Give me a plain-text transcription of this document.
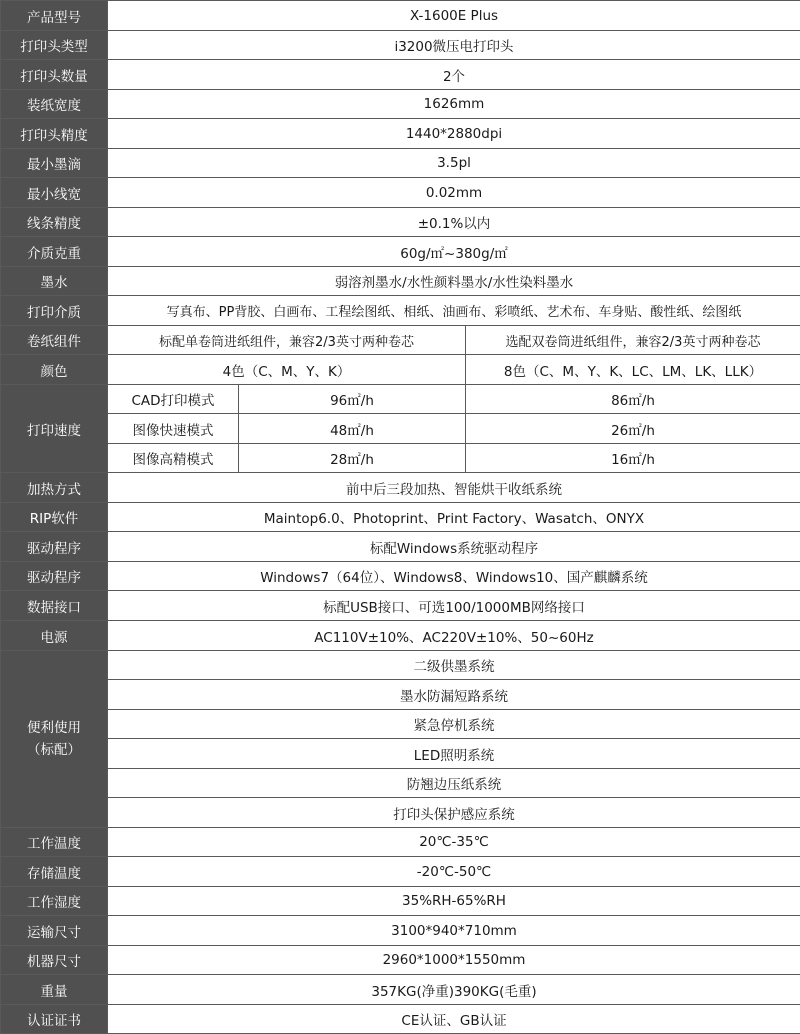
产品型号	X-1600E Plus		
打印头类型	i3200微压电打印头		
打印头数量	2个		
装纸宽度	1626mm		
打印头精度	1440*2880dpi		
最小墨滴	3.5pl		
最小线宽	0.02mm		
线条精度	±0.1%以内		
介质克重	60g/㎡~380g/㎡		
墨水	弱溶剂墨水/水性颜料墨水/水性染料墨水		
打印介质	写真布、PP背胶、白画布、工程绘图纸、相纸、油画布、彩喷纸、艺术布、车身贴、酸性纸、绘图纸		
卷纸组件	标配单卷筒进纸组件，兼容2/3英寸两种卷芯		选配双卷筒进纸组件，兼容2/3英寸两种卷芯
颜色	4色（C、M、Y、K）		8色（C、M、Y、K、LC、LM、LK、LLK）
打印速度	CAD打印模式	96㎡/h	86㎡/h
	图像快速模式	48㎡/h	26㎡/h
	图像高精模式	28㎡/h	16㎡/h
加热方式	前中后三段加热、智能烘干收纸系统		
RIP软件	Maintop6.0、Photoprint、Print Factory、Wasatch、ONYX		
驱动程序	标配Windows系统驱动程序		
驱动程序	Windows7（64位）、Windows8、Windows10、国产麒麟系统		
数据接口	标配USB接口、可选100/1000MB网络接口		
电源	AC110V±10%、AC220V±10%、50~60Hz		
便利使用
（标配）	二级供墨系统		
	墨水防漏短路系统		
	紧急停机系统		
	LED照明系统		
	防翘边压纸系统		
	打印头保护感应系统		
工作温度	20℃-35℃		
存储温度	-20℃-50℃		
工作湿度	35%RH-65%RH		
运输尺寸	3100*940*710mm		
机器尺寸	2960*1000*1550mm		
重量	357KG(净重)390KG(毛重)		
认证证书	CE认证、GB认证		
